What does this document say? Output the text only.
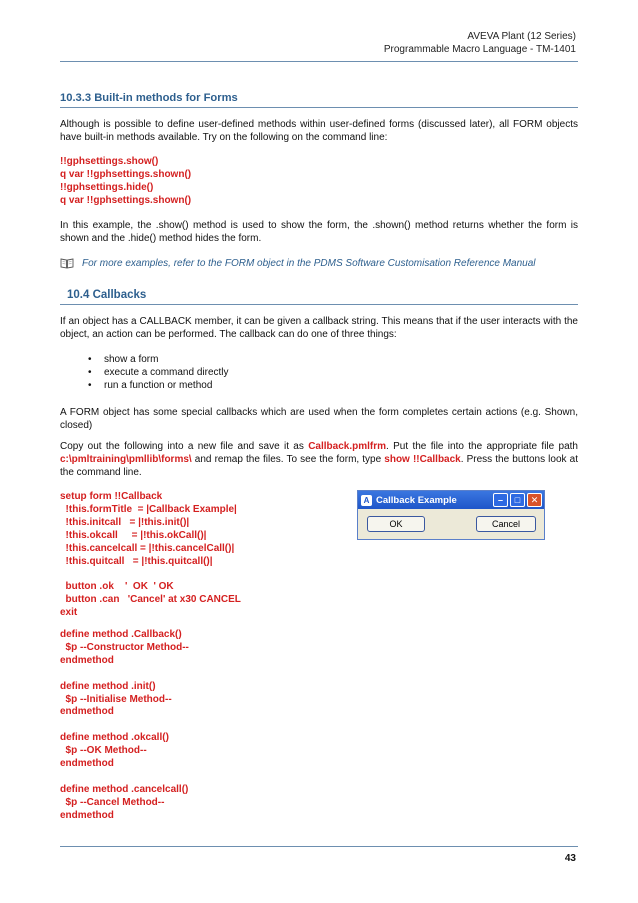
AVEVA Plant (12 Series)
Programmable Macro Language - TM-1401
10.3.3 Built-in methods for Forms

Although is possible to define user-defined methods within user-defined forms (discussed later), all FORM objects have built-in methods available. Try on the following on the command line:

!!gphsettings.show()
q var !!gphsettings.shown()
!!gphsettings.hide()
q var !!gphsettings.shown()

In this example, the .show() method is used to show the form, the .shown() method returns whether the form is shown and the .hide() method hides the form.

For more examples, refer to the FORM object in the PDMS Software Customisation Reference Manual
10.4 Callbacks

If an object has a CALLBACK member, it can be given a callback string. This means that if the user interacts with the object, an action can be performed. The callback can do one of three things:

• show a form
• execute a command directly
• run a function or method

A FORM object has some special callbacks which are used when the form completes certain actions (e.g. Shown, closed)

Copy out the following into a new file and save it as Callback.pmlfrm. Put the file into the appropriate file path c:\pmltraining\pmllib\forms\ and remap the files. To see the form, type show !!Callback. Press the buttons look at the command line.

setup form !!Callback
!this.formTitle  = |Callback Example|
!this.initcall   = |!this.init()|
!this.okcall     = |!this.okCall()|
!this.cancelcall = |!this.cancelCall()|
!this.quitcall   = |!this.quitcall()|

button .ok    '  OK  ' OK
button .can   'Cancel' at x30 CANCEL
exit
define method .Callback()
$p --Constructor Method--
endmethod

define method .init()
$p --Initialise Method--
endmethod

define method .okcall()
$p --OK Method--
endmethod

define method .cancelcall()
$p --Cancel Method--
endmethod
A Callback Example	–	□	✕
OK	Cancel
43
